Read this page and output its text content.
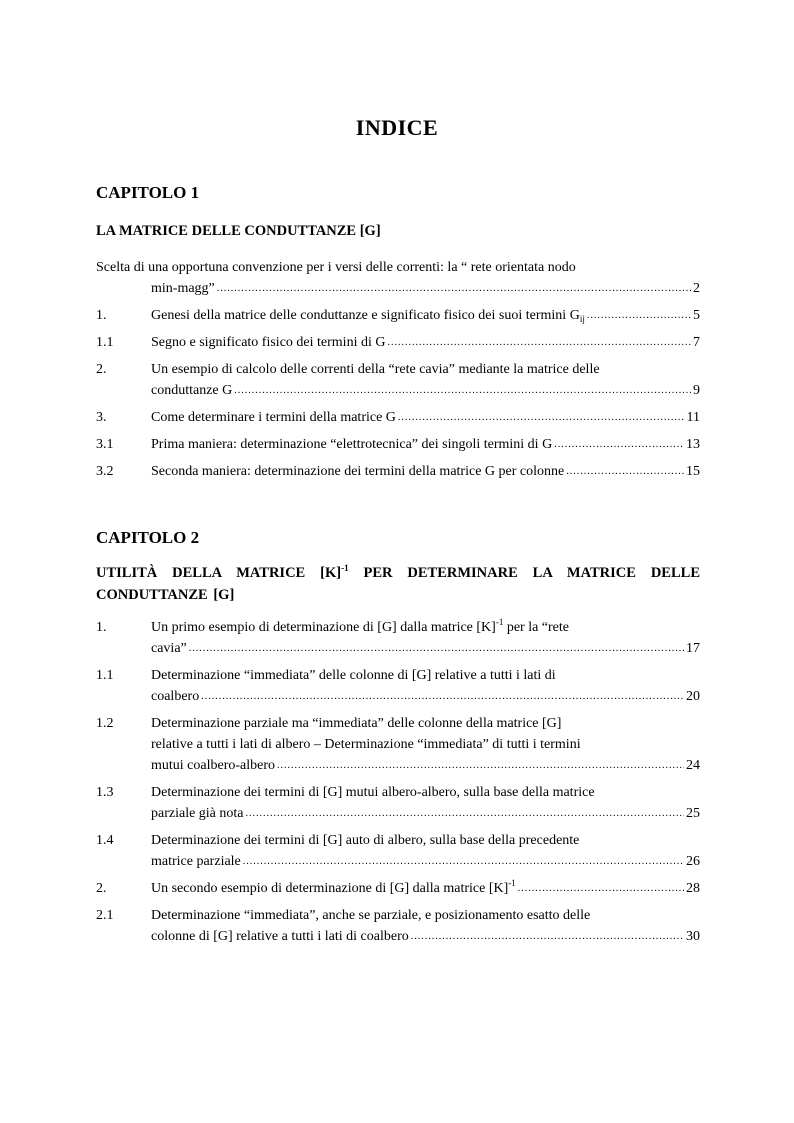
INDICE
CAPITOLO 1
LA MATRICE DELLE CONDUTTANZE [G]
Scelta di una opportuna convenzione per i versi delle correnti: la “ rete orientata nodo
min-magg” .....	2
1.	Genesi della matrice delle conduttanze e significato fisico dei suoi termini $G_{ij}$ .....	5
1.1	Segno e significato fisico dei termini di G .....	7
2.	Un esempio di calcolo delle correnti della “rete cavia” mediante la matrice delle
conduttanze G .....	9
3.	Come determinare i termini della matrice G .....	11
3.1	Prima maniera: determinazione “elettrotecnica” dei singoli termini di G .....	13
3.2	Seconda maniera: determinazione dei termini della matrice G per colonne .....	15
CAPITOLO 2
UTILITÀ DELLA MATRICE $[K]^{-1}$ PER DETERMINARE LA MATRICE DELLE CONDUTTANZE [G]
1.	Un primo esempio di determinazione di [G] dalla matrice $[K]^{-1}$ per la “rete
cavia” .....	17
1.1	Determinazione “immediata” delle colonne di [G] relative a tutti i lati di
coalbero .....	20
1.2	Determinazione parziale ma “immediata” delle colonne della matrice [G]
relative a tutti i lati di albero – Determinazione “immediata” di tutti i termini
mutui coalbero-albero .....	24
1.3	Determinazione dei termini di [G] mutui albero-albero, sulla base della matrice
parziale già nota .....	25
1.4	Determinazione dei termini di [G] auto di albero, sulla base della precedente
matrice parziale .....	26
2.	Un secondo esempio di determinazione di [G] dalla matrice $[K]^{-1}$ .....	28
2.1	Determinazione “immediata”, anche se parziale, e posizionamento esatto delle
colonne di [G] relative a tutti i lati di coalbero .....	30
